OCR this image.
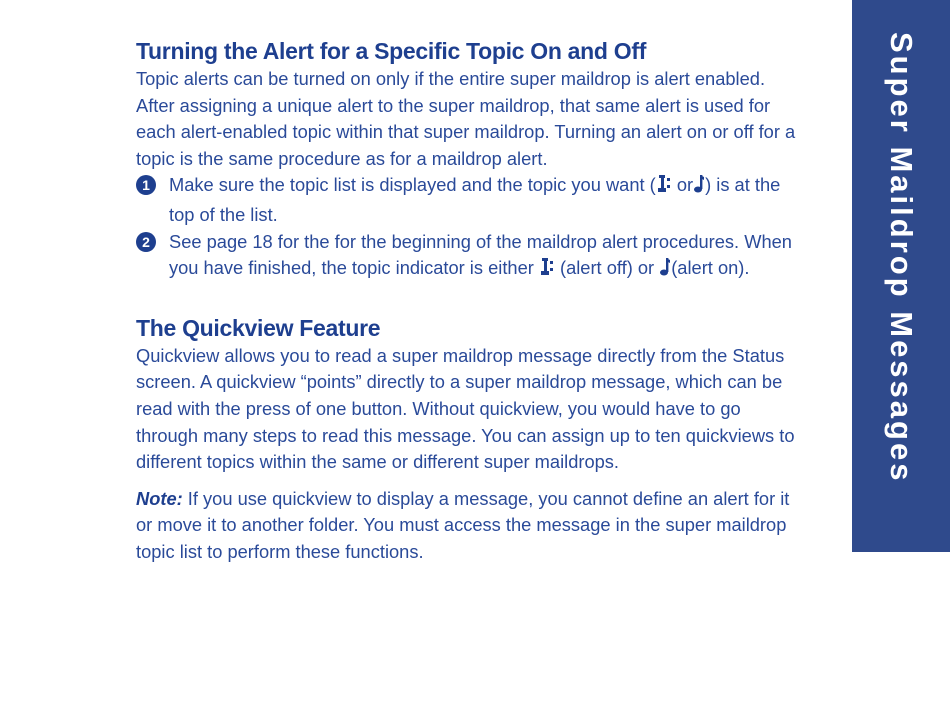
Super Maildrop Messages
Turning the Alert for a Specific Topic On and Off

Topic alerts can be turned on only if the entire super maildrop is alert enabled. After assigning a unique alert to the super maildrop, that same alert is used for each alert-enabled topic within that super maildrop. Turning an alert on or off for a topic is the same procedure as for a maildrop alert.

1	Make sure the topic list is displayed and the topic you want ( or ) is at the top of the list.
2	See page 18 for the for the beginning of the maildrop alert procedures. When you have finished, the topic indicator is either  (alert off) or (alert on).
The Quickview Feature

Quickview allows you to read a super maildrop message directly from the Status screen. A quickview “points” directly to a super maildrop message, which can be read with the press of one button. Without quickview, you would have to go through many steps to read this message. You can assign up to ten quickviews to different topics within the same or different super maildrops.

Note: If you use quickview to display a message, you cannot define an alert for it or move it to another folder. You must access the message in the super maildrop topic list to perform these functions.
